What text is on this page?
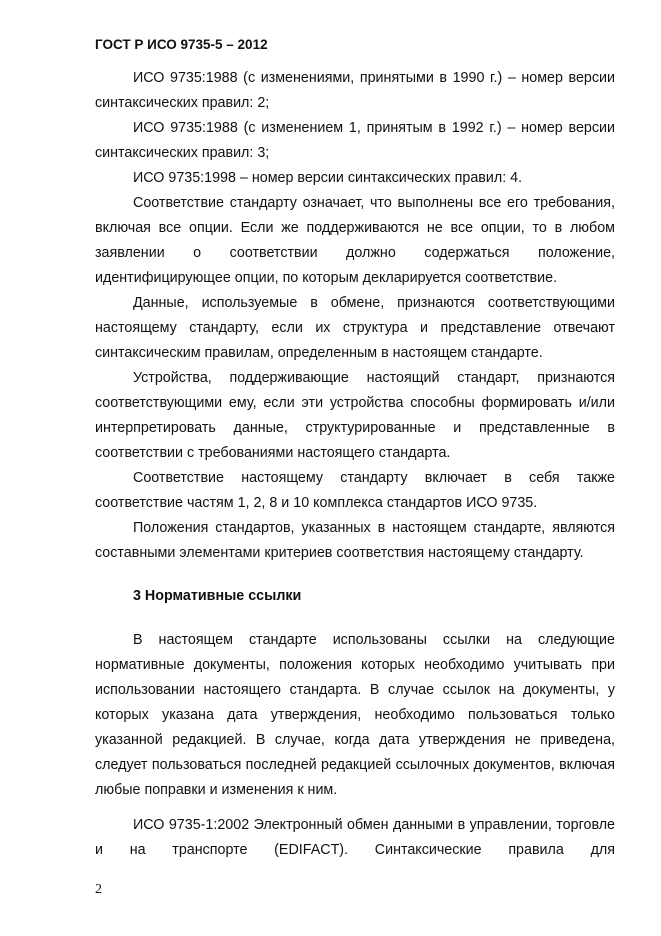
ГОСТ Р ИСО 9735-5 – 2012

ИСО 9735:1988 (с изменениями, принятыми в 1990 г.) – номер версии синтаксических правил: 2;

ИСО 9735:1988 (с изменением 1, принятым в 1992 г.) – номер версии синтаксических правил: 3;

ИСО 9735:1998 – номер версии синтаксических правил: 4.

Соответствие стандарту означает, что выполнены все его требования, включая все опции. Если же поддерживаются не все опции, то в любом заявлении о соответствии должно содержаться положение, идентифицирующее опции, по которым декларируется соответствие.

Данные, используемые в обмене, признаются соответствующими настоящему стандарту, если их структура и представление отвечают синтаксическим правилам, определенным в настоящем стандарте.

Устройства, поддерживающие настоящий стандарт, признаются соответствующими ему, если эти устройства способны формировать и/или интерпретировать данные, структурированные и представленные в соответствии с требованиями настоящего стандарта.

Соответствие настоящему стандарту включает в себя также соответствие частям 1, 2, 8 и 10 комплекса стандартов ИСО 9735.

Положения стандартов, указанных в настоящем стандарте, являются составными элементами критериев соответствия настоящему стандарту.

3 Нормативные ссылки

В настоящем стандарте использованы ссылки на следующие нормативные документы, положения которых необходимо учитывать при использовании настоящего стандарта. В случае ссылок на документы, у которых указана дата утверждения, необходимо пользоваться только указанной редакцией. В случае, когда дата утверждения не приведена, следует пользоваться последней редакцией ссылочных документов, включая любые поправки и изменения к ним.

ИСО 9735-1:2002 Электронный обмен данными в управлении, торговле и на транспорте (EDIFACT). Синтаксические правила для

2
